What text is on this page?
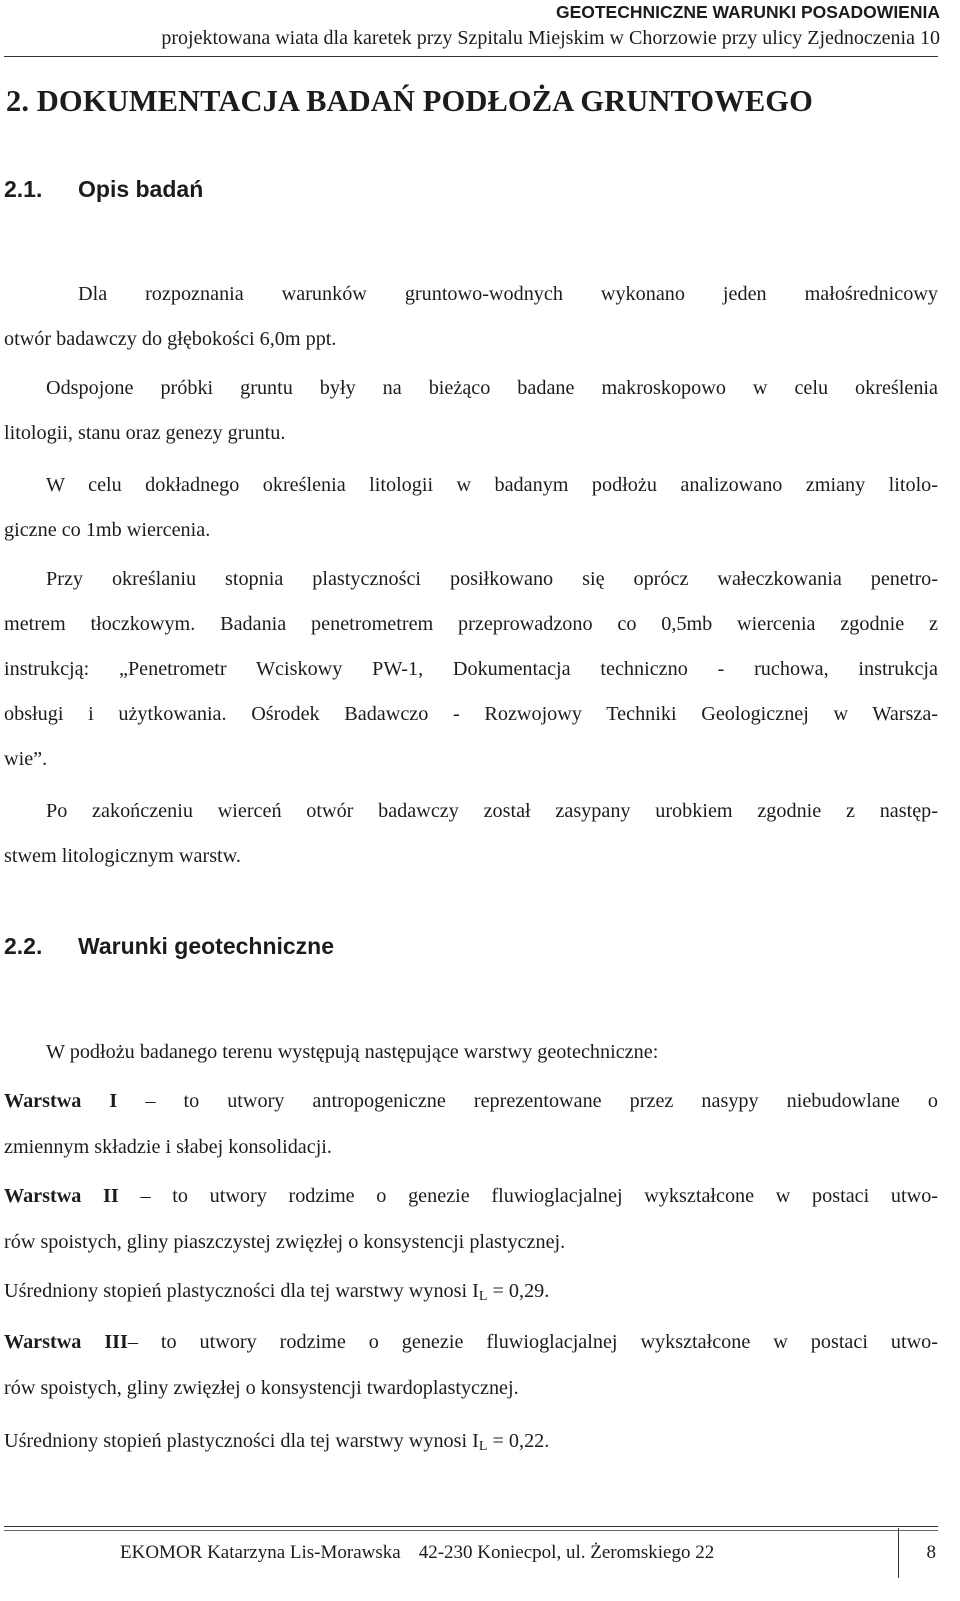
GEOTECHNICZNE WARUNKI POSADOWIENIA
projektowana wiata dla karetek przy Szpitalu Miejskim w Chorzowie przy ulicy Zjednoczenia 10
2. DOKUMENTACJA BADAŃ PODŁOŻA GRUNTOWEGO
2.1. Opis badań

Dla rozpoznania warunków gruntowo-wodnych wykonano jeden małośrednicowy

otwór badawczy do głębokości 6,0m ppt.

Odspojone próbki gruntu były na bieżąco badane makroskopowo w celu określenia

litologii, stanu oraz genezy gruntu.

W celu dokładnego określenia litologii w badanym podłożu analizowano zmiany litolo-

giczne co 1mb wiercenia.

Przy określaniu stopnia plastyczności posiłkowano się oprócz wałeczkowania penetro-

metrem tłoczkowym. Badania penetrometrem przeprowadzono co 0,5mb wiercenia zgodnie z

instrukcją: „Penetrometr Wciskowy PW-1, Dokumentacja techniczno - ruchowa, instrukcja

obsługi i użytkowania. Ośrodek Badawczo - Rozwojowy Techniki Geologicznej w Warsza-

wie”.

Po zakończeniu wierceń otwór badawczy został zasypany urobkiem zgodnie z następ-

stwem litologicznym warstw.

2.2. Warunki geotechniczne

W podłożu badanego terenu występują następujące warstwy geotechniczne:

Warstwa I – to utwory antropogeniczne reprezentowane przez nasypy niebudowlane o

zmiennym składzie i słabej konsolidacji.

Warstwa II – to utwory rodzime o genezie fluwioglacjalnej wykształcone w postaci utwo-

rów spoistych, gliny piaszczystej zwięzłej o konsystencji plastycznej.

Uśredniony stopień plastyczności dla tej warstwy wynosi $I_L = 0,29$.

Warstwa III– to utwory rodzime o genezie fluwioglacjalnej wykształcone w postaci utwo-

rów spoistych, gliny zwięzłej o konsystencji twardoplastycznej.

Uśredniony stopień plastyczności dla tej warstwy wynosi $I_L = 0,22$.

EKOMOR Katarzyna Lis-Morawska 42-230 Koniecpol, ul. Żeromskiego 22	8
